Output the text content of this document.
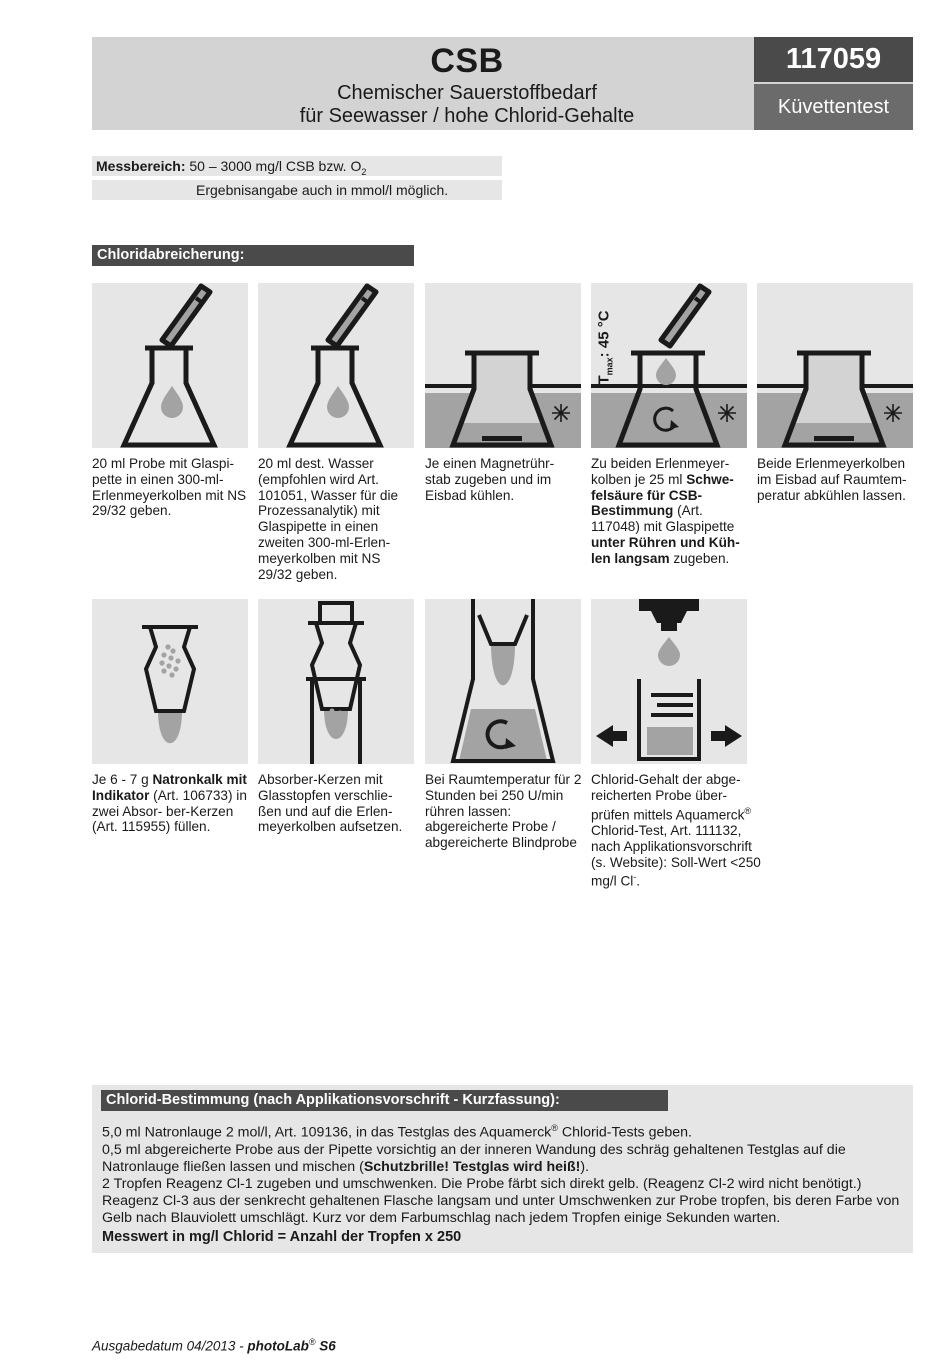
CSB
Chemischer Sauerstoffbedarf
für Seewasser / hohe Chlorid-Gehalte
117059
Küvettentest
Messbereich: 50 – 3000 mg/l CSB bzw. $O_2$
Ergebnisangabe auch in mmol/l möglich.
Chloridabreicherung:
$T_{max}$: 45 °C
20 ml Probe mit Glaspi- pette in einen 300-ml- Erlenmeyerkolben mit NS 29/32 geben.
20 ml dest. Wasser (empfohlen wird Art. 101051, Wasser für die Prozessanalytik) mit Glaspipette in einen zweiten 300-ml-Erlen- meyerkolben mit NS 29/32 geben.
Je einen Magnetrühr- stab zugeben und im Eisbad kühlen.
Zu beiden Erlenmeyer- kolben je 25 ml Schwe- felsäure für CSB- Bestimmung (Art. 117048) mit Glaspipette unter Rühren und Küh- len langsam zugeben.
Beide Erlenmeyerkolben im Eisbad auf Raumtem- peratur abkühlen lassen.
Je 6 - 7 g Natronkalk mit Indikator (Art. 106733) in zwei Absor- ber-Kerzen (Art. 115955) füllen.
Absorber-Kerzen mit Glasstopfen verschlie- ßen und auf die Erlen- meyerkolben aufsetzen.
Bei Raumtemperatur für 2 Stunden bei 250 U/min rühren lassen: abgereicherte Probe / abgereicherte Blindprobe
Chlorid-Gehalt der abge- reicherten Probe über- prüfen mittels Aquamerck® Chlorid-Test, Art. 111132, nach Applikationsvorschrift (s. Website): Soll-Wert <250 mg/l Cl-.
Chlorid-Bestimmung (nach Applikationsvorschrift - Kurzfassung):

5,0 ml Natronlauge 2 mol/l, Art. 109136, in das Testglas des Aquamerck® Chlorid-Tests geben.

0,5 ml abgereicherte Probe aus der Pipette vorsichtig an der inneren Wandung des schräg gehaltenen Testglas auf die Natronlauge fließen lassen und mischen (Schutzbrille! Testglas wird heiß!).

2 Tropfen Reagenz Cl-1 zugeben und umschwenken. Die Probe färbt sich direkt gelb. (Reagenz Cl-2 wird nicht benötigt.)

Reagenz Cl-3 aus der senkrecht gehaltenen Flasche langsam und unter Umschwenken zur Probe tropfen, bis deren Farbe von Gelb nach Blauviolett umschlägt. Kurz vor dem Farbumschlag nach jedem Tropfen einige Sekunden warten.

Messwert in mg/l Chlorid = Anzahl der Tropfen x 250
Ausgabedatum 04/2013 - photoLab® S6
